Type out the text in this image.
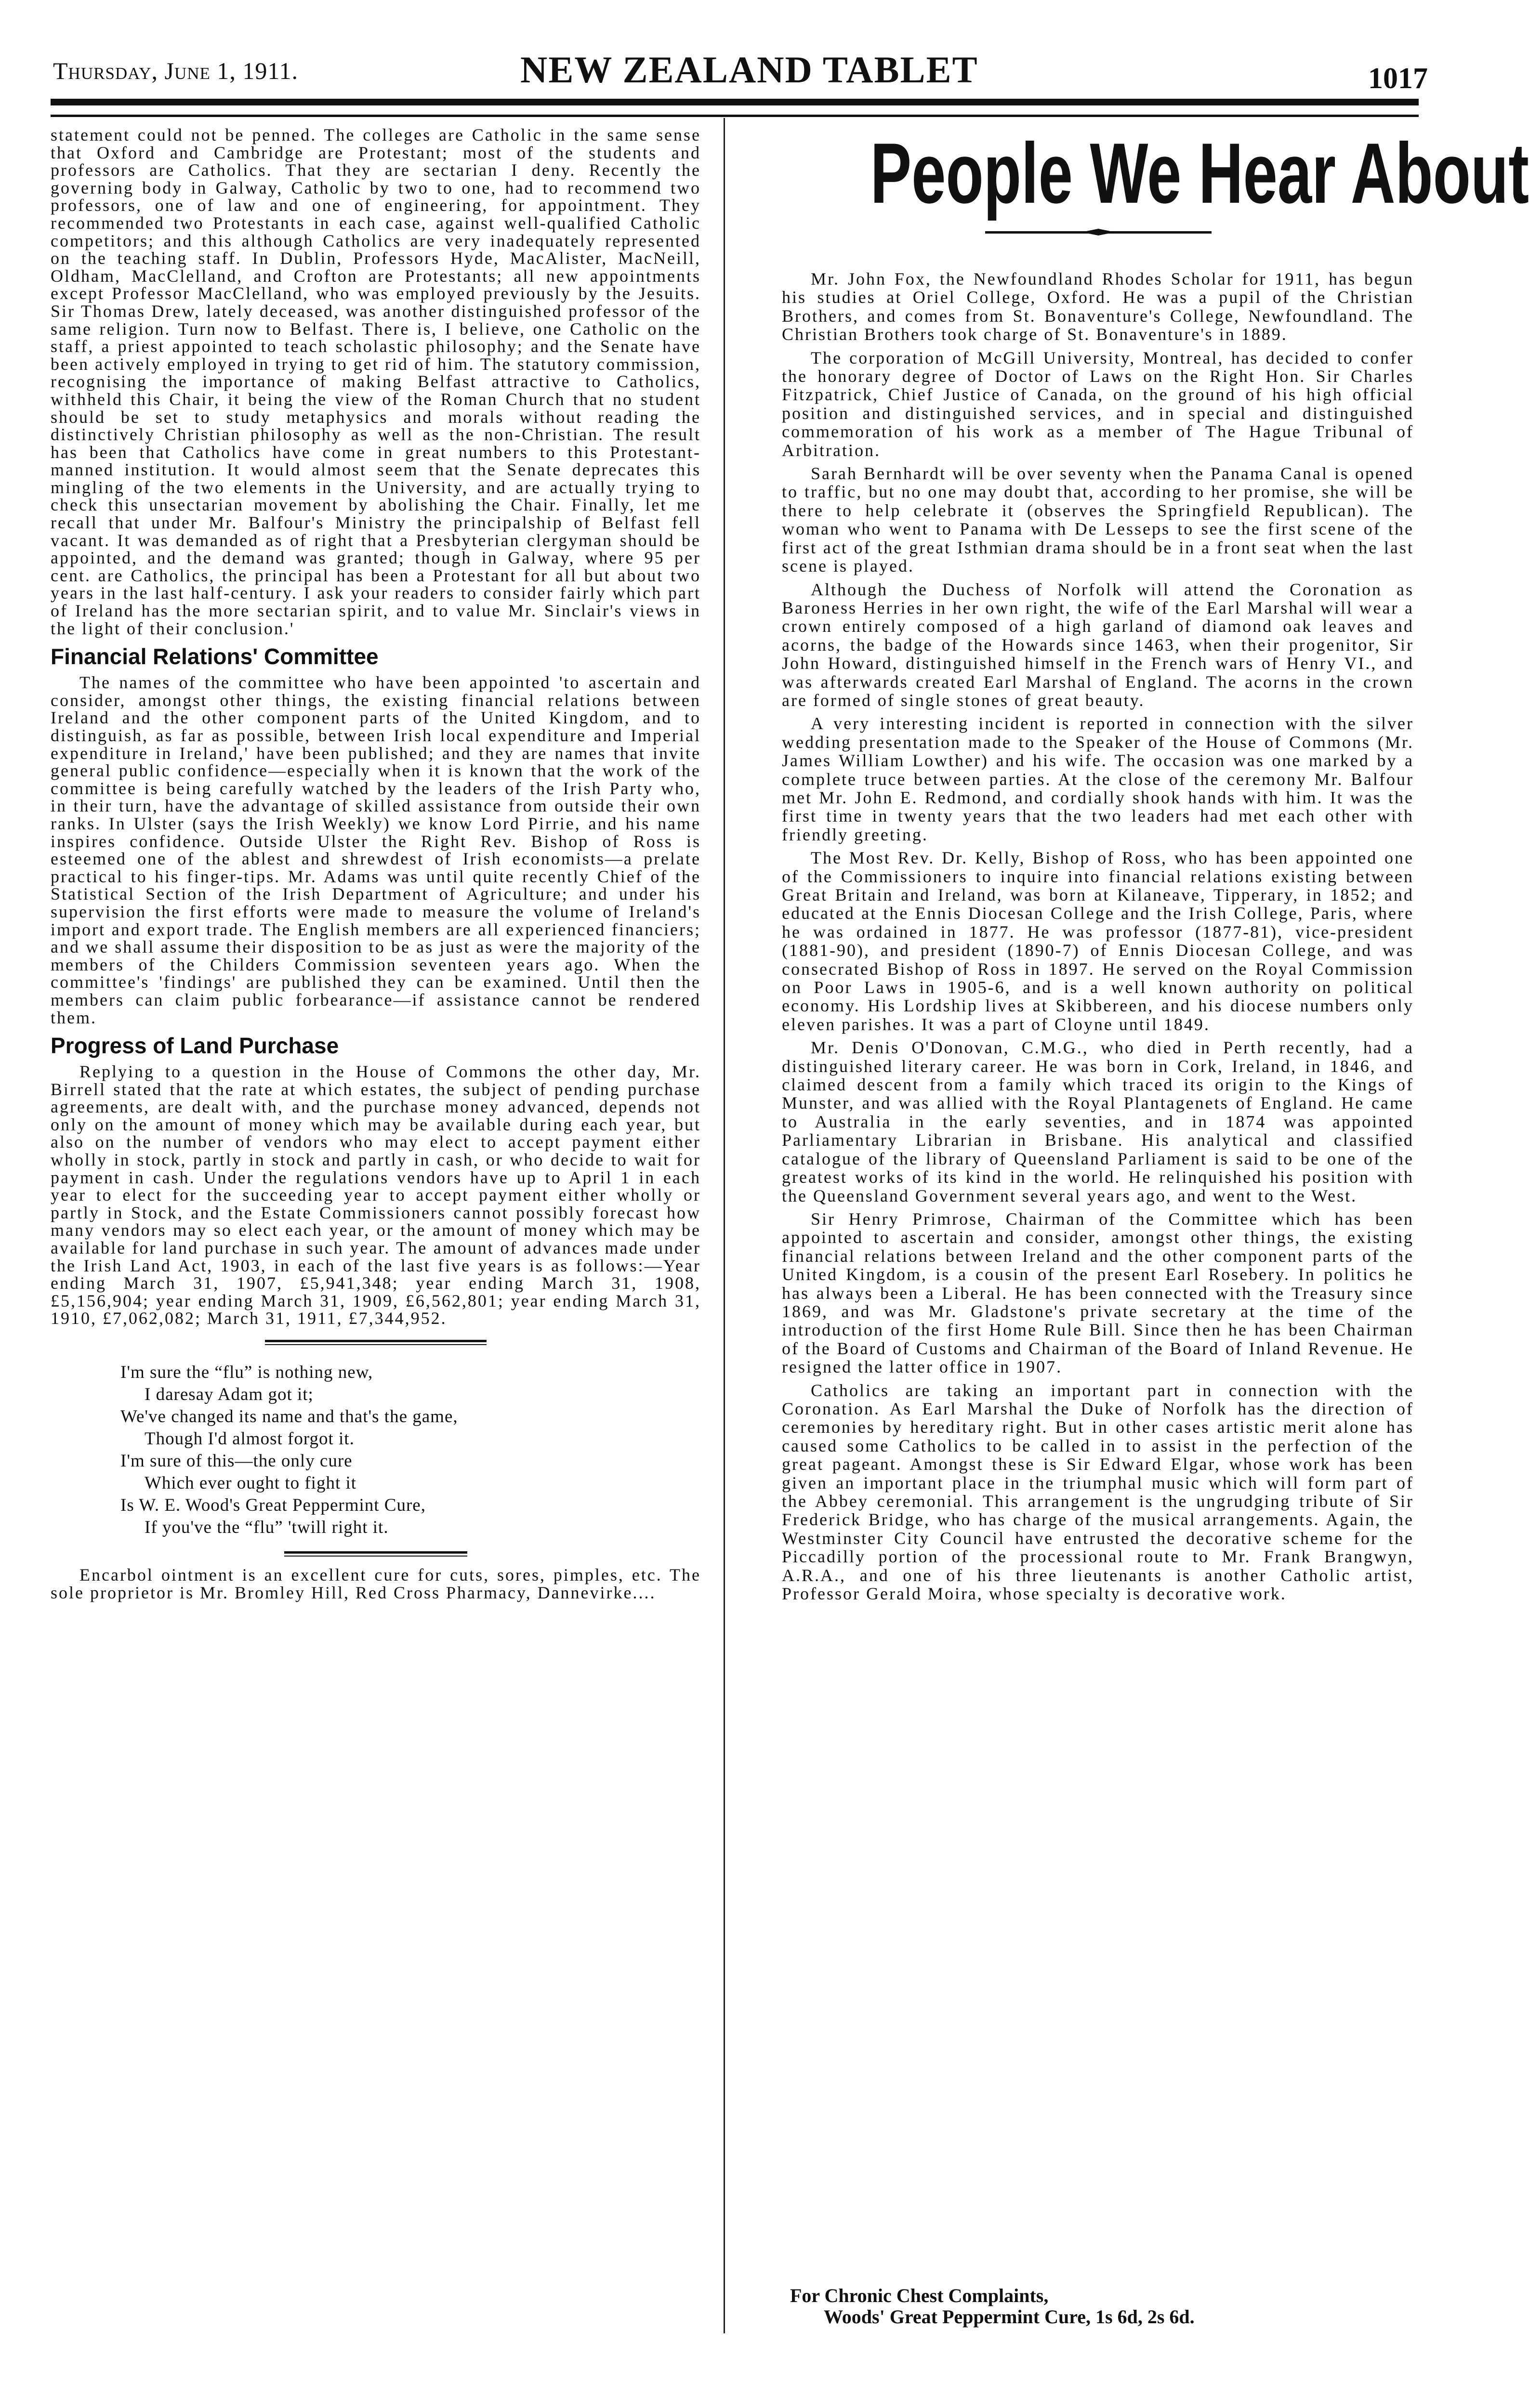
Thursday, June 1, 1911.	NEW ZEALAND TABLET	1017

statement could not be penned. The colleges are Catholic in the same sense that Oxford and Cambridge are Protestant; most of the students and professors are Catholics. That they are sectarian I deny. Recently the governing body in Galway, Catholic by two to one, had to recommend two professors, one of law and one of engineering, for appointment. They recommended two Protestants in each case, against well-qualified Catholic competitors; and this although Catholics are very inadequately represented on the teaching staff. In Dublin, Professors Hyde, MacAlister, MacNeill, Oldham, MacClelland, and Crofton are Protestants; all new appointments except Professor MacClelland, who was employed previously by the Jesuits. Sir Thomas Drew, lately deceased, was another distinguished professor of the same religion. Turn now to Belfast. There is, I believe, one Catholic on the staff, a priest appointed to teach scholastic philosophy; and the Senate have been actively employed in trying to get rid of him. The statutory commission, recognising the importance of making Belfast attractive to Catholics, withheld this Chair, it being the view of the Roman Church that no student should be set to study metaphysics and morals without reading the distinctively Christian philosophy as well as the non-Christian. The result has been that Catholics have come in great numbers to this Protestant-manned institution. It would almost seem that the Senate deprecates this mingling of the two elements in the University, and are actually trying to check this unsectarian movement by abolishing the Chair. Finally, let me recall that under Mr. Balfour's Ministry the principalship of Belfast fell vacant. It was demanded as of right that a Presbyterian clergyman should be appointed, and the demand was granted; though in Galway, where 95 per cent. are Catholics, the principal has been a Protestant for all but about two years in the last half-century. I ask your readers to consider fairly which part of Ireland has the more sectarian spirit, and to value Mr. Sinclair's views in the light of their conclusion.'

Financial Relations' Committee

The names of the committee who have been appointed 'to ascertain and consider, amongst other things, the existing financial relations between Ireland and the other component parts of the United Kingdom, and to distinguish, as far as possible, between Irish local expenditure and Imperial expenditure in Ireland,' have been published; and they are names that invite general public confidence—especially when it is known that the work of the committee is being carefully watched by the leaders of the Irish Party who, in their turn, have the advantage of skilled assistance from outside their own ranks. In Ulster (says the Irish Weekly) we know Lord Pirrie, and his name inspires confidence. Outside Ulster the Right Rev. Bishop of Ross is esteemed one of the ablest and shrewdest of Irish economists—a prelate practical to his finger-tips. Mr. Adams was until quite recently Chief of the Statistical Section of the Irish Department of Agriculture; and under his supervision the first efforts were made to measure the volume of Ireland's import and export trade. The English members are all experienced financiers; and we shall assume their disposition to be as just as were the majority of the members of the Childers Commission seventeen years ago. When the committee's 'findings' are published they can be examined. Until then the members can claim public forbearance—if assistance cannot be rendered them.

Progress of Land Purchase

Replying to a question in the House of Commons the other day, Mr. Birrell stated that the rate at which estates, the subject of pending purchase agreements, are dealt with, and the purchase money advanced, depends not only on the amount of money which may be available during each year, but also on the number of vendors who may elect to accept payment either wholly in stock, partly in stock and partly in cash, or who decide to wait for payment in cash. Under the regulations vendors have up to April 1 in each year to elect for the succeeding year to accept payment either wholly or partly in Stock, and the Estate Commissioners cannot possibly forecast how many vendors may so elect each year, or the amount of money which may be available for land purchase in such year. The amount of advances made under the Irish Land Act, 1903, in each of the last five years is as follows:—Year ending March 31, 1907, £5,941,348; year ending March 31, 1908, £5,156,904; year ending March 31, 1909, £6,562,801; year ending March 31, 1910, £7,062,082; March 31, 1911, £7,344,952.

I'm sure the “flu” is nothing new,
I daresay Adam got it;
We've changed its name and that's the game,
Though I'd almost forgot it.
I'm sure of this—the only cure
Which ever ought to fight it
Is W. E. Wood's Great Peppermint Cure,
If you've the “flu” 'twill right it.

Encarbol ointment is an excellent cure for cuts, sores, pimples, etc. The sole proprietor is Mr. Bromley Hill, Red Cross Pharmacy, Dannevirke....

People We Hear About

Mr. John Fox, the Newfoundland Rhodes Scholar for 1911, has begun his studies at Oriel College, Oxford. He was a pupil of the Christian Brothers, and comes from St. Bonaventure's College, Newfoundland. The Christian Brothers took charge of St. Bonaventure's in 1889.

The corporation of McGill University, Montreal, has decided to confer the honorary degree of Doctor of Laws on the Right Hon. Sir Charles Fitzpatrick, Chief Justice of Canada, on the ground of his high official position and distinguished services, and in special and distinguished commemoration of his work as a member of The Hague Tribunal of Arbitration.

Sarah Bernhardt will be over seventy when the Panama Canal is opened to traffic, but no one may doubt that, according to her promise, she will be there to help celebrate it (observes the Springfield Republican). The woman who went to Panama with De Lesseps to see the first scene of the first act of the great Isthmian drama should be in a front seat when the last scene is played.

Although the Duchess of Norfolk will attend the Coronation as Baroness Herries in her own right, the wife of the Earl Marshal will wear a crown entirely composed of a high garland of diamond oak leaves and acorns, the badge of the Howards since 1463, when their progenitor, Sir John Howard, distinguished himself in the French wars of Henry VI., and was afterwards created Earl Marshal of England. The acorns in the crown are formed of single stones of great beauty.

A very interesting incident is reported in connection with the silver wedding presentation made to the Speaker of the House of Commons (Mr. James William Lowther) and his wife. The occasion was one marked by a complete truce between parties. At the close of the ceremony Mr. Balfour met Mr. John E. Redmond, and cordially shook hands with him. It was the first time in twenty years that the two leaders had met each other with friendly greeting.

The Most Rev. Dr. Kelly, Bishop of Ross, who has been appointed one of the Commissioners to inquire into financial relations existing between Great Britain and Ireland, was born at Kilaneave, Tipperary, in 1852; and educated at the Ennis Diocesan College and the Irish College, Paris, where he was ordained in 1877. He was professor (1877-81), vice-president (1881-90), and president (1890-7) of Ennis Diocesan College, and was consecrated Bishop of Ross in 1897. He served on the Royal Commission on Poor Laws in 1905-6, and is a well known authority on political economy. His Lordship lives at Skibbereen, and his diocese numbers only eleven parishes. It was a part of Cloyne until 1849.

Mr. Denis O'Donovan, C.M.G., who died in Perth recently, had a distinguished literary career. He was born in Cork, Ireland, in 1846, and claimed descent from a family which traced its origin to the Kings of Munster, and was allied with the Royal Plantagenets of England. He came to Australia in the early seventies, and in 1874 was appointed Parliamentary Librarian in Brisbane. His analytical and classified catalogue of the library of Queensland Parliament is said to be one of the greatest works of its kind in the world. He relinquished his position with the Queensland Government several years ago, and went to the West.

Sir Henry Primrose, Chairman of the Committee which has been appointed to ascertain and consider, amongst other things, the existing financial relations between Ireland and the other component parts of the United Kingdom, is a cousin of the present Earl Rosebery. In politics he has always been a Liberal. He has been connected with the Treasury since 1869, and was Mr. Gladstone's private secretary at the time of the introduction of the first Home Rule Bill. Since then he has been Chairman of the Board of Customs and Chairman of the Board of Inland Revenue. He resigned the latter office in 1907.

Catholics are taking an important part in connection with the Coronation. As Earl Marshal the Duke of Norfolk has the direction of ceremonies by hereditary right. But in other cases artistic merit alone has caused some Catholics to be called in to assist in the perfection of the great pageant. Amongst these is Sir Edward Elgar, whose work has been given an important place in the triumphal music which will form part of the Abbey ceremonial. This arrangement is the ungrudging tribute of Sir Frederick Bridge, who has charge of the musical arrangements. Again, the Westminster City Council have entrusted the decorative scheme for the Piccadilly portion of the processional route to Mr. Frank Brangwyn, A.R.A., and one of his three lieutenants is another Catholic artist, Professor Gerald Moira, whose specialty is decorative work.

For Chronic Chest Complaints,
Woods' Great Peppermint Cure, 1s 6d, 2s 6d.
